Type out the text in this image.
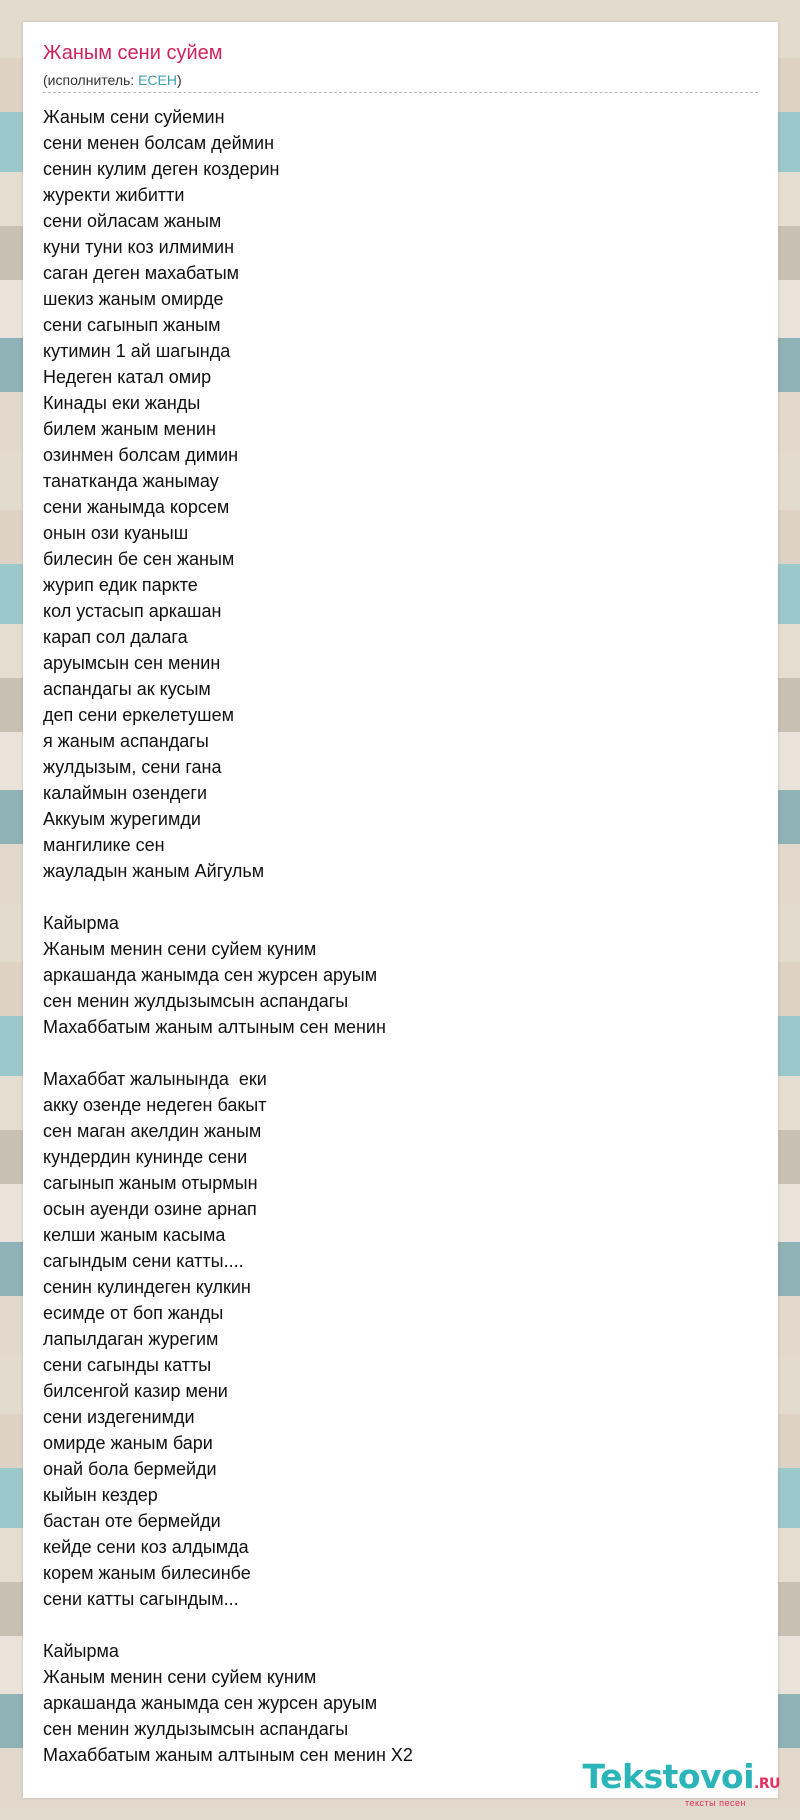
Жаным сени суйем
(исполнитель: ЕСЕН)
Жаным сени суйемин
сени менен болсам деймин
сенин кулим деген коздерин
журекти жибитти
сени ойласам жаным
куни туни коз илмимин
саган деген махабатым
шекиз жаным омирде
сени сагынып жаным
кутимин 1 ай шагында
Недеген катал омир
Кинады еки жанды
билем жаным менин
озинмен болсам димин
танатканда жанымау
сени жанымда корсем
онын ози куаныш
билесин бе сен жаным
журип едик паркте
кол устасып аркашан
карап сол далага
аруымсын сен менин
аспандагы ак кусым
деп сени еркелетушем
я жаным аспандагы
жулдызым, сени гана
калаймын озендеги
Аккуым журегимди
мангилике сен
жауладын жаным Айгульм
Кайырма
Жаным менин сени суйем куним
аркашанда жанымда сен журсен аруым
сен менин жулдызымсын аспандагы
Махаббатым жаным алтыным сен менин
Махаббат жалынында  еки
акку озенде недеген бакыт
сен маган акелдин жаным
кундердин кунинде сени
сагынып жаным отырмын
осын ауенди озине арнап
келши жаным касыма
сагындым сени катты....
сенин кулиндеген кулкин
есимде от боп жанды
лапылдаган журегим
сени сагынды катты
билсенгой казир мени
сени издегенимди
омирде жаным бари
онай бола бермейди
кыйын кездер
бастан оте бермейди
кейде сени коз алдымда
корем жаным билесинбе
сени катты сагындым...
Кайырма
Жаным менин сени суйем куним
аркашанда жанымда сен журсен аруым
сен менин жулдызымсын аспандагы
Махаббатым жаным алтыным сен менин Х2
Tekstovoi.RU
тексты песен
